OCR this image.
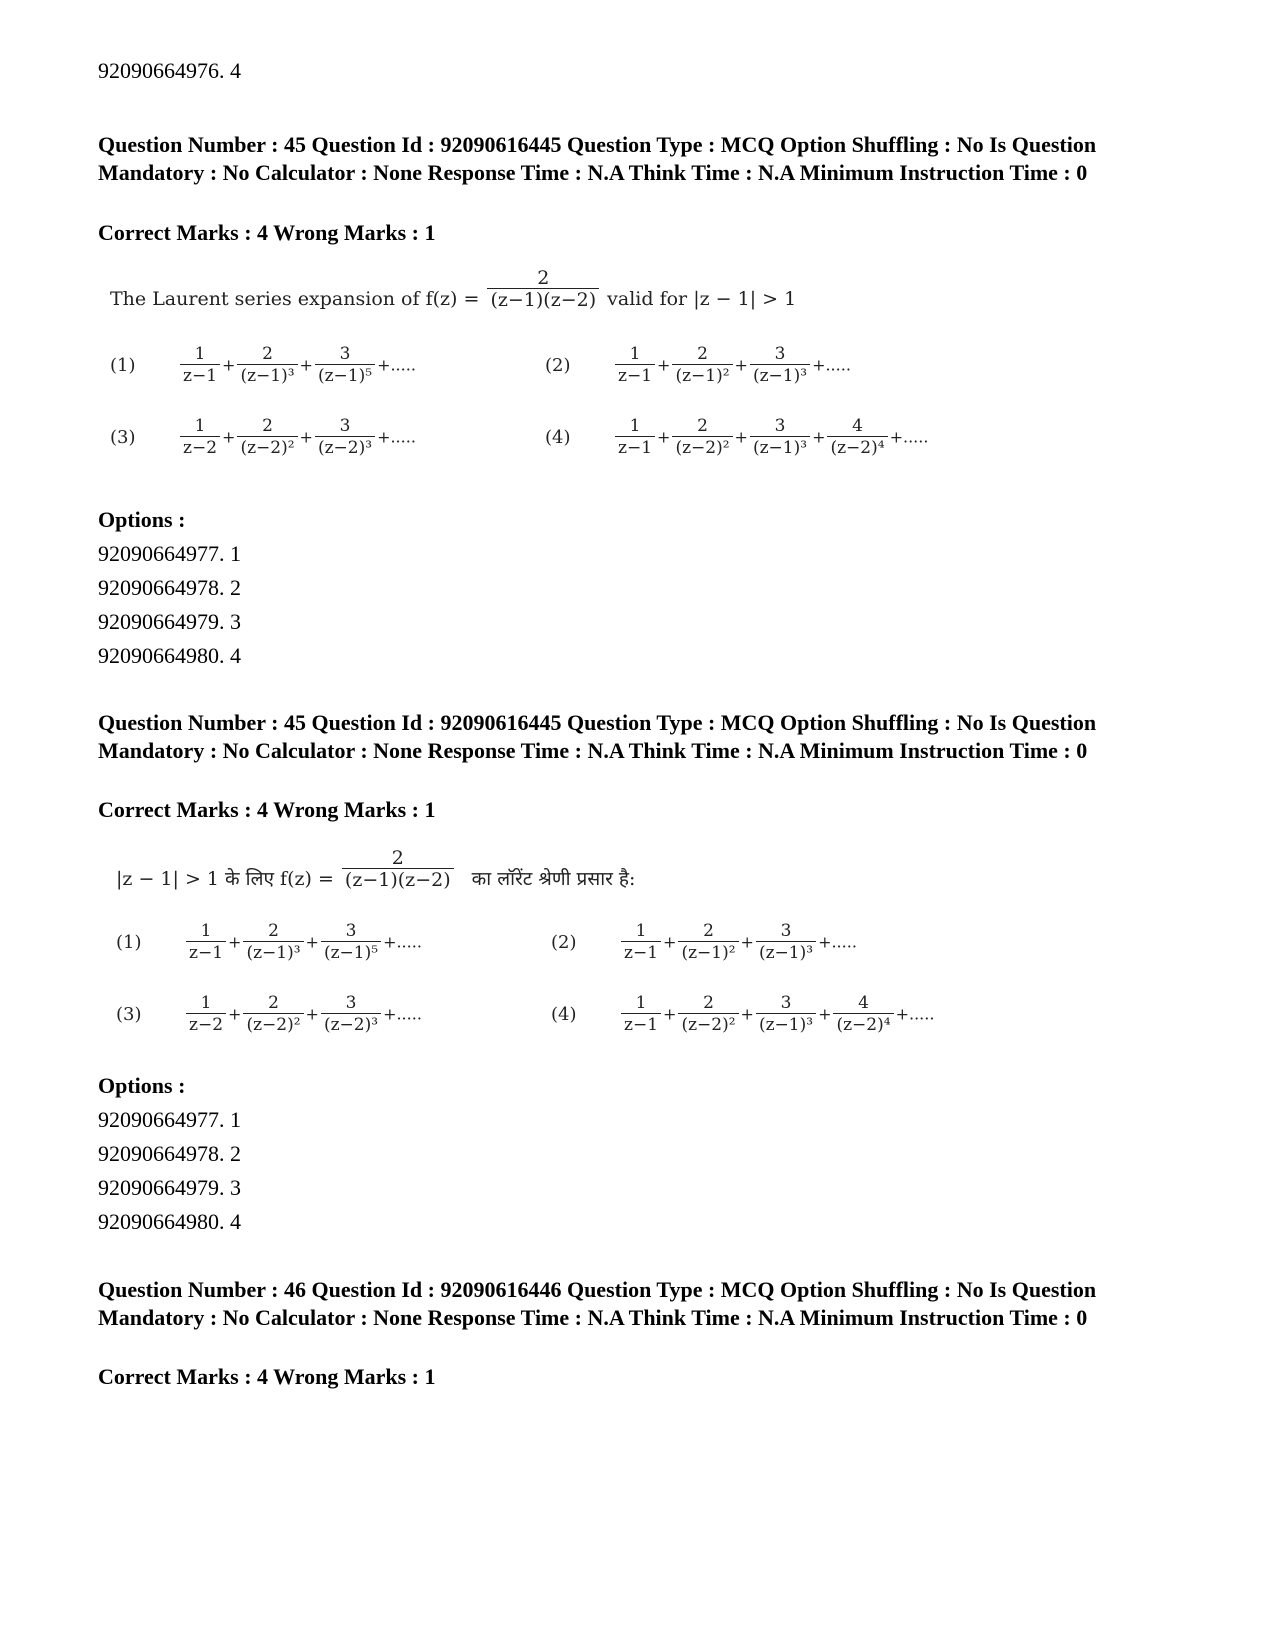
92090664976. 4
Question Number : 45 Question Id : 92090616445 Question Type : MCQ Option Shuffling : No Is Question Mandatory : No Calculator : None Response Time : N.A Think Time : N.A Minimum Instruction Time : 0
Correct Marks : 4 Wrong Marks : 1
The Laurent series expansion of $f(z) = \frac{2}{(z-1)(z-2)}$ valid for |z − 1| > 1
(1)	$\frac{1}{z-1} + \frac{2}{\text{(z−1)³}} + \frac{3}{\text{(z−1)⁵}}$ +.....	(2)	$\frac{1}{z-1} + \frac{2}{\text{(z−1)²}} + \frac{3}{\text{(z−1)³}}$ +.....
(3)	$\frac{1}{z-2} + \frac{2}{\text{(z−2)²}} + \frac{3}{\text{(z−2)³}}$ +.....	(4)	$\frac{1}{z-1} + \frac{2}{\text{(z−2)²}} + \frac{3}{\text{(z−1)³}} + \frac{4}{\text{(z−2)⁴}}$ +.....
Options :
92090664977. 1
92090664978. 2
92090664979. 3
92090664980. 4
Question Number : 45 Question Id : 92090616445 Question Type : MCQ Option Shuffling : No Is Question Mandatory : No Calculator : None Response Time : N.A Think Time : N.A Minimum Instruction Time : 0
Correct Marks : 4 Wrong Marks : 1
|z − 1| > 1 के लिए $f(z) = \frac{2}{(z-1)(z-2)}$ का लॉरेंट श्रेणी प्रसार है:
(1)	$\frac{1}{z-1} + \frac{2}{\text{(z−1)³}} + \frac{3}{\text{(z−1)⁵}}$ +.....	(2)	$\frac{1}{z-1} + \frac{2}{\text{(z−1)²}} + \frac{3}{\text{(z−1)³}}$ +.....
(3)	$\frac{1}{z-2} + \frac{2}{\text{(z−2)²}} + \frac{3}{\text{(z−2)³}}$ +.....	(4)	$\frac{1}{z-1} + \frac{2}{\text{(z−2)²}} + \frac{3}{\text{(z−1)³}} + \frac{4}{\text{(z−2)⁴}}$ +.....
Options :
92090664977. 1
92090664978. 2
92090664979. 3
92090664980. 4
Question Number : 46 Question Id : 92090616446 Question Type : MCQ Option Shuffling : No Is Question Mandatory : No Calculator : None Response Time : N.A Think Time : N.A Minimum Instruction Time : 0
Correct Marks : 4 Wrong Marks : 1
